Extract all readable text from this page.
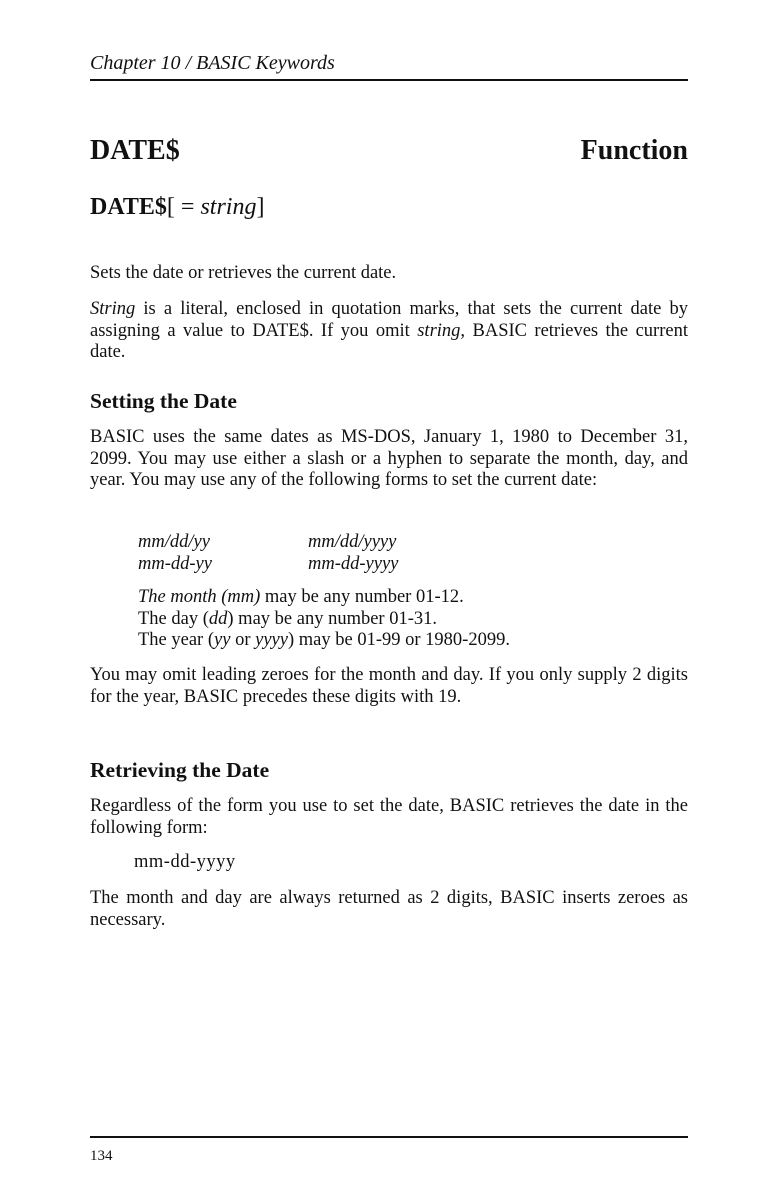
Chapter 10 / BASIC Keywords
DATE$	Function
DATE$[ = string]
Sets the date or retrieves the current date.
String is a literal, enclosed in quotation marks, that sets the current date by assigning a value to DATE$. If you omit string, BASIC retrieves the current date.
Setting the Date
BASIC uses the same dates as MS-DOS, January 1, 1980 to December 31, 2099. You may use either a slash or a hyphen to separate the month, day, and year. You may use any of the following forms to set the current date:
mm/dd/yy	mm/dd/yyyy
mm-dd-yy	mm-dd-yyyy
The month (mm) may be any number 01-12.
The day (dd) may be any number 01-31.
The year (yy or yyyy) may be 01-99 or 1980-2099.
You may omit leading zeroes for the month and day. If you only supply 2 digits for the year, BASIC precedes these digits with 19.
Retrieving the Date
Regardless of the form you use to set the date, BASIC retrieves the date in the following form:
mm-dd-yyyy
The month and day are always returned as 2 digits, BASIC inserts zeroes as necessary.
134
